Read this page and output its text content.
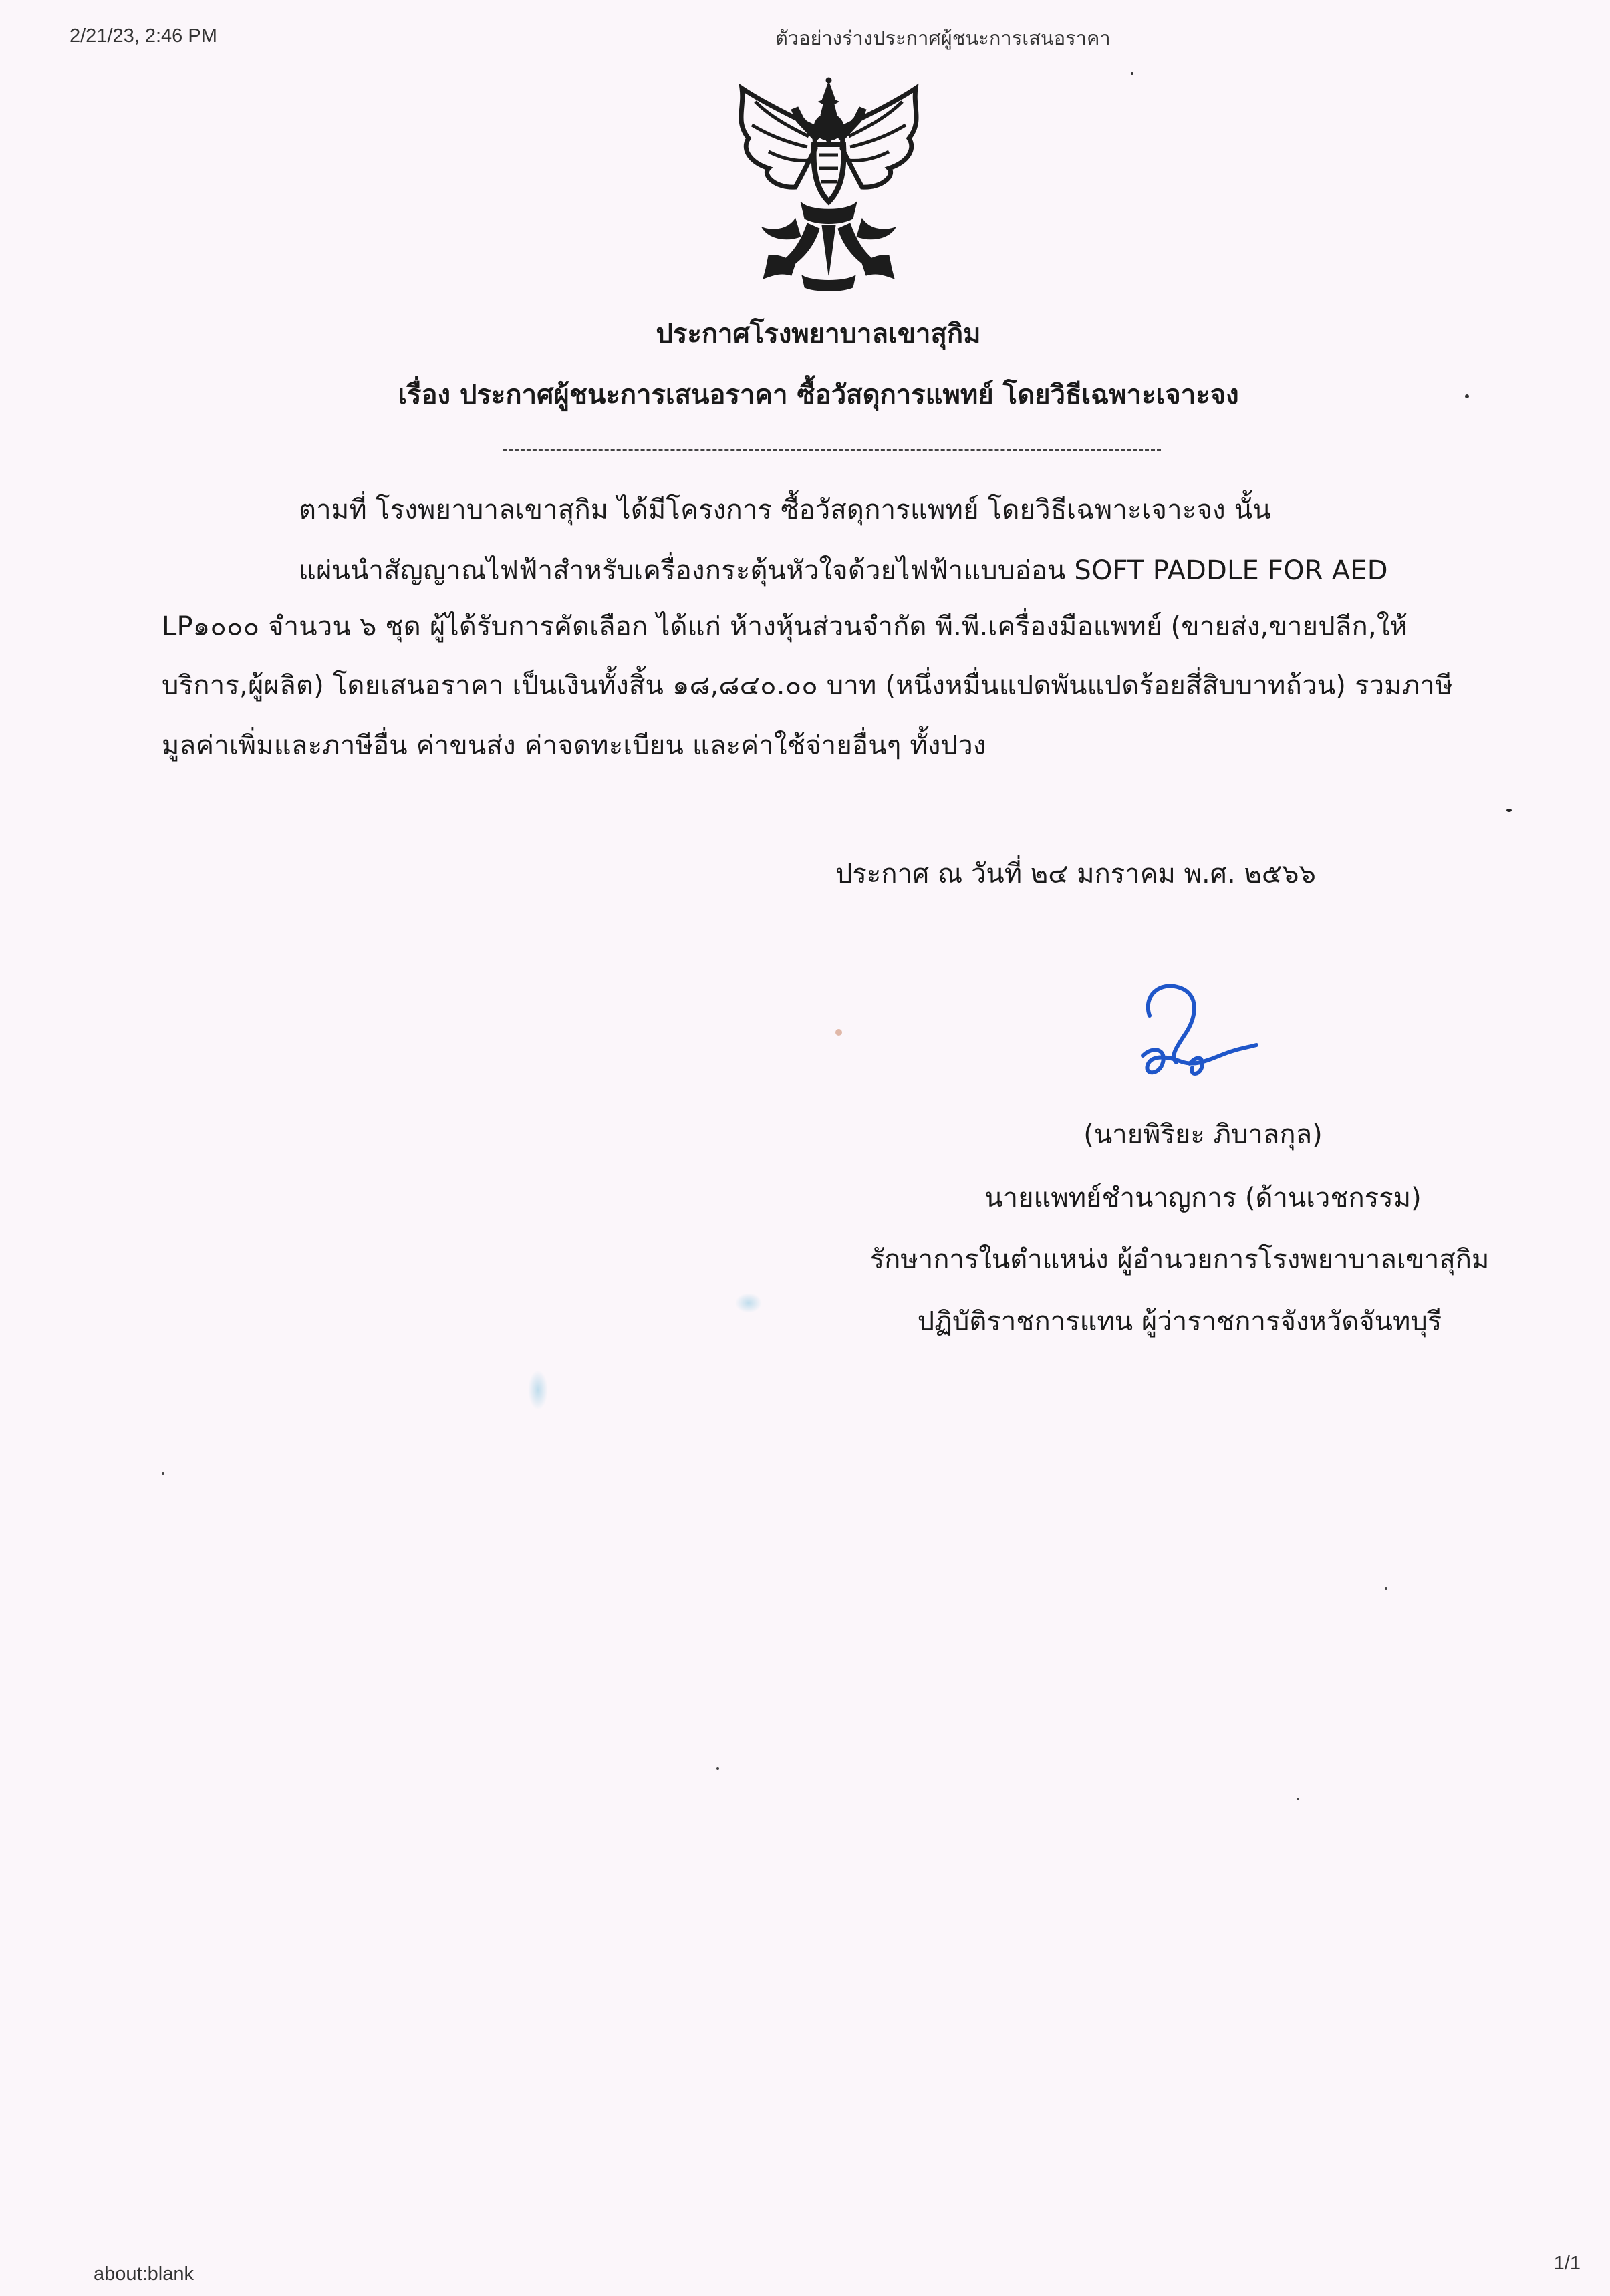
2/21/23, 2:46 PM	ตัวอย่างร่างประกาศผู้ชนะการเสนอราคา
ประกาศโรงพยาบาลเขาสุกิม
เรื่อง ประกาศผู้ชนะการเสนอราคา ซื้อวัสดุการแพทย์ โดยวิธีเฉพาะเจาะจง
ตามที่ โรงพยาบาลเขาสุกิม ได้มีโครงการ ซื้อวัสดุการแพทย์ โดยวิธีเฉพาะเจาะจง นั้น
แผ่นนำสัญญาณไฟฟ้าสำหรับเครื่องกระตุ้นหัวใจด้วยไฟฟ้าแบบอ่อน SOFT PADDLE FOR AED
LP๑๐๐๐ จำนวน ๖ ชุด ผู้ได้รับการคัดเลือก ได้แก่ ห้างหุ้นส่วนจำกัด พี.พี.เครื่องมือแพทย์ (ขายส่ง,ขายปลีก,ให้
บริการ,ผู้ผลิต) โดยเสนอราคา เป็นเงินทั้งสิ้น ๑๘,๘๔๐.๐๐ บาท (หนึ่งหมื่นแปดพันแปดร้อยสี่สิบบาทถ้วน) รวมภาษี
มูลค่าเพิ่มและภาษีอื่น ค่าขนส่ง ค่าจดทะเบียน และค่าใช้จ่ายอื่นๆ ทั้งปวง
ประกาศ ณ วันที่ ๒๔ มกราคม พ.ศ. ๒๕๖๖
(นายพิริยะ ภิบาลกุล)
นายแพทย์ชำนาญการ (ด้านเวชกรรม)
รักษาการในตำแหน่ง ผู้อำนวยการโรงพยาบาลเขาสุกิม
ปฏิบัติราชการแทน ผู้ว่าราชการจังหวัดจันทบุรี
about:blank	1/1
